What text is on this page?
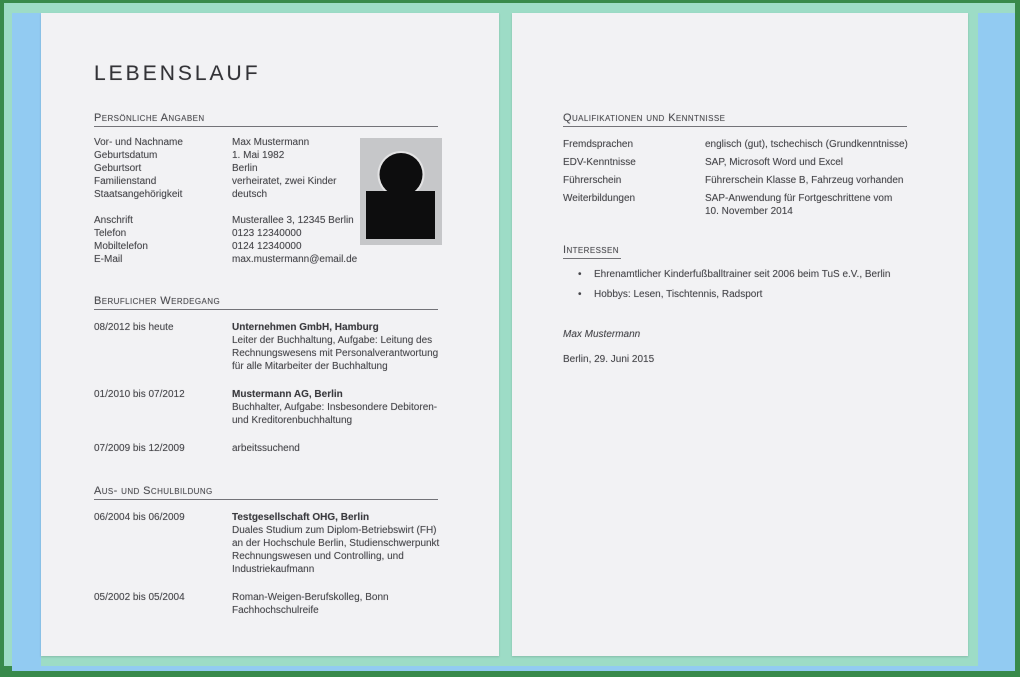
LEBENSLAUF
Persönliche Angaben
Vor- und Nachname	Max Mustermann
Geburtsdatum	1. Mai 1982
Geburtsort	Berlin
Familienstand	verheiratet, zwei Kinder
Staatsangehörigkeit	deutsch
Anschrift	Musterallee 3, 12345 Berlin
Telefon	0123 12340000
Mobiltelefon	0124 12340000
E-Mail	max.mustermann@email.de
Beruflicher Werdegang
08/2012 bis heute	Unternehmen GmbH, Hamburg
Leiter der Buchhaltung, Aufgabe: Leitung des Rechnungswesens mit Personalverantwortung für alle Mitarbeiter der Buchhaltung
01/2010 bis 07/2012	Mustermann AG, Berlin
Buchhalter, Aufgabe: Insbesondere Debitoren- und Kreditorenbuchhaltung
07/2009 bis 12/2009	arbeitssuchend
Aus- und Schulbildung
06/2004 bis 06/2009	Testgesellschaft OHG, Berlin
Duales Studium zum Diplom-Betriebswirt (FH) an der Hochschule Berlin, Studienschwerpunkt Rechnungswesen und Controlling, und Industriekaufmann
05/2002 bis 05/2004	Roman-Weigen-Berufskolleg, Bonn
Fachhochschulreife
Qualifikationen und Kenntnisse
Fremdsprachen	englisch (gut), tschechisch (Grundkenntnisse)
EDV-Kenntnisse	SAP, Microsoft Word und Excel
Führerschein	Führerschein Klasse B, Fahrzeug vorhanden
Weiterbildungen	SAP-Anwendung für Fortgeschrittene vom 10. November 2014
Interessen
•	Ehrenamtlicher Kinderfußballtrainer seit 2006 beim TuS e.V., Berlin
•	Hobbys: Lesen, Tischtennis, Radsport
Max Mustermann
Berlin, 29. Juni 2015
